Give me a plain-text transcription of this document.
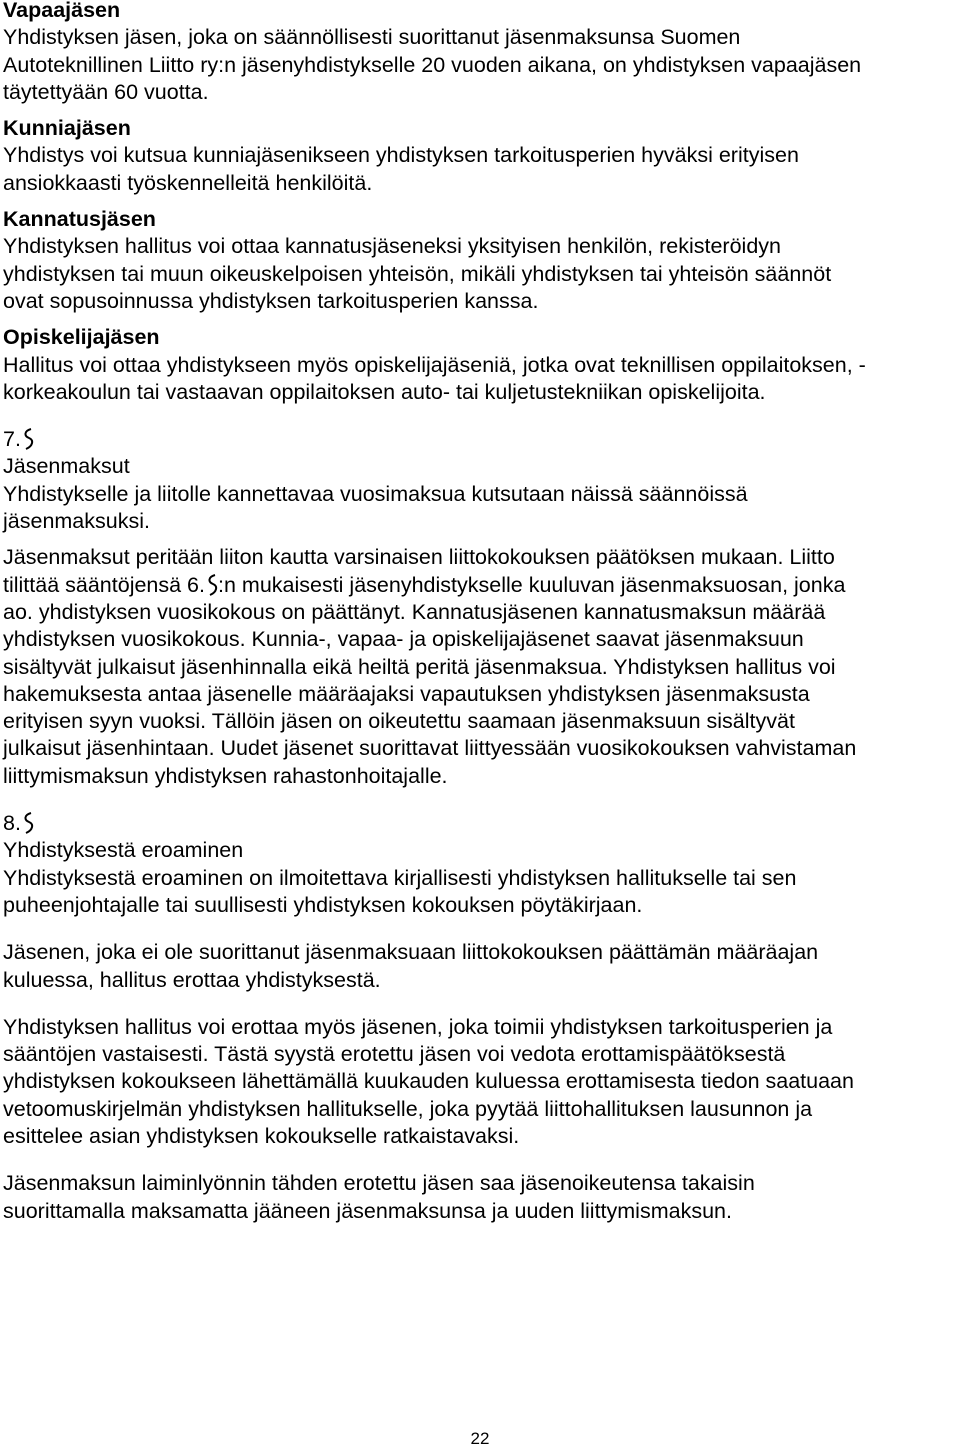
Vapaajäsen

Yhdistyksen jäsen, joka on säännöllisesti suorittanut jäsenmaksunsa Suomen

Autoteknillinen Liitto ry:n jäsenyhdistykselle 20 vuoden aikana, on yhdistyksen vapaajäsen

täytettyään 60 vuotta.

Kunniajäsen

Yhdistys voi kutsua kunniajäsenikseen yhdistyksen tarkoitusperien hyväksi erityisen

ansiokkaasti työskennelleitä henkilöitä.

Kannatusjäsen

Yhdistyksen hallitus voi ottaa kannatusjäseneksi yksityisen henkilön, rekisteröidyn

yhdistyksen tai muun oikeuskelpoisen yhteisön, mikäli yhdistyksen tai yhteisön säännöt

ovat sopusoinnussa yhdistyksen tarkoitusperien kanssa.

Opiskelijajäsen

Hallitus voi ottaa yhdistykseen myös opiskelijajäseniä, jotka ovat teknillisen oppilaitoksen, -

korkeakoulun tai vastaavan oppilaitoksen auto- tai kuljetustekniikan opiskelijoita.

7.

Jäsenmaksut

Yhdistykselle ja liitolle kannettavaa vuosimaksua kutsutaan näissä säännöissä

jäsenmaksuksi.

Jäsenmaksut peritään liiton kautta varsinaisen liittokokouksen päätöksen mukaan. Liitto

tilittää sääntöjensä 6. :n mukaisesti jäsenyhdistykselle kuuluvan jäsenmaksuosan, jonka

ao. yhdistyksen vuosikokous on päättänyt. Kannatusjäsenen kannatusmaksun määrää

yhdistyksen vuosikokous. Kunnia-, vapaa- ja opiskelijajäsenet saavat jäsenmaksuun

sisältyvät julkaisut jäsenhinnalla eikä heiltä peritä jäsenmaksua. Yhdistyksen hallitus voi

hakemuksesta antaa jäsenelle määräajaksi vapautuksen yhdistyksen jäsenmaksusta

erityisen syyn vuoksi. Tällöin jäsen on oikeutettu saamaan jäsenmaksuun sisältyvät

julkaisut jäsenhintaan. Uudet jäsenet suorittavat liittyessään vuosikokouksen vahvistaman

liittymismaksun yhdistyksen rahastonhoitajalle.

8.

Yhdistyksestä eroaminen

Yhdistyksestä eroaminen on ilmoitettava kirjallisesti yhdistyksen hallitukselle tai sen

puheenjohtajalle tai suullisesti yhdistyksen kokouksen pöytäkirjaan.

Jäsenen, joka ei ole suorittanut jäsenmaksuaan liittokokouksen päättämän määräajan

kuluessa, hallitus erottaa yhdistyksestä.

Yhdistyksen hallitus voi erottaa myös jäsenen, joka toimii yhdistyksen tarkoitusperien ja

sääntöjen vastaisesti. Tästä syystä erotettu jäsen voi vedota erottamispäätöksestä

yhdistyksen kokoukseen lähettämällä kuukauden kuluessa erottamisesta tiedon saatuaan

vetoomuskirjelmän yhdistyksen hallitukselle, joka pyytää liittohallituksen lausunnon ja

esittelee asian yhdistyksen kokoukselle ratkaistavaksi.

Jäsenmaksun laiminlyönnin tähden erotettu jäsen saa jäsenoikeutensa takaisin

suorittamalla maksamatta jääneen jäsenmaksunsa ja uuden liittymismaksun.

22
